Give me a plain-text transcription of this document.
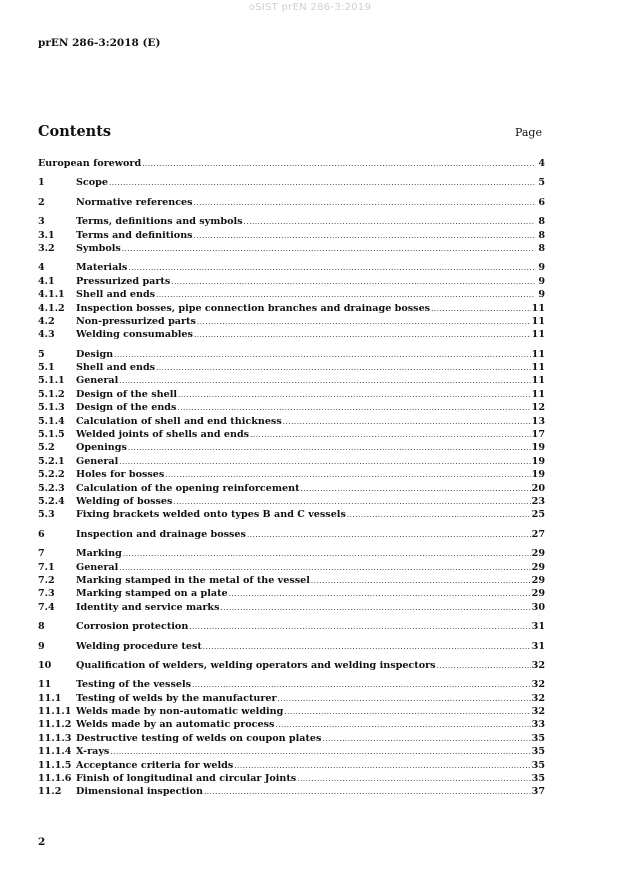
oSIST prEN 286-3:2019
prEN 286-3:2018 (E)
Contents	Page
European foreword .....	4
1	Scope .....	5
2	Normative references .....	6
3	Terms, definitions and symbols .....	8
3.1	Terms and definitions .....	8
3.2	Symbols .....	8
4	Materials .....	9
4.1	Pressurized parts .....	9
4.1.1	Shell and ends .....	9
4.1.2	Inspection bosses, pipe connection branches and drainage bosses .....	11
4.2	Non-pressurized parts .....	11
4.3	Welding consumables .....	11
5	Design .....	11
5.1	Shell and ends .....	11
5.1.1	General .....	11
5.1.2	Design of the shell .....	11
5.1.3	Design of the ends .....	12
5.1.4	Calculation of shell and end thickness .....	13
5.1.5	Welded joints of shells and ends .....	17
5.2	Openings .....	19
5.2.1	General .....	19
5.2.2	Holes for bosses .....	19
5.2.3	Calculation of the opening reinforcement .....	20
5.2.4	Welding of bosses .....	23
5.3	Fixing brackets welded onto types B and C vessels .....	25
6	Inspection and drainage bosses .....	27
7	Marking .....	29
7.1	General .....	29
7.2	Marking stamped in the metal of the vessel .....	29
7.3	Marking stamped on a plate .....	29
7.4	Identity and service marks .....	30
8	Corrosion protection .....	31
9	Welding procedure test .....	31
10	Qualification of welders, welding operators and welding inspectors .....	32
11	Testing of the vessels .....	32
11.1	Testing of welds by the manufacturer .....	32
11.1.1 Welds made by non-automatic welding .....	32
11.1.2 Welds made by an automatic process .....	33
11.1.3 Destructive testing of welds on coupon plates .....	35
11.1.4 X-rays .....	35
11.1.5 Acceptance criteria for welds .....	35
11.1.6 Finish of longitudinal and circular Joints .....	35
11.2	Dimensional inspection .....	37
2
